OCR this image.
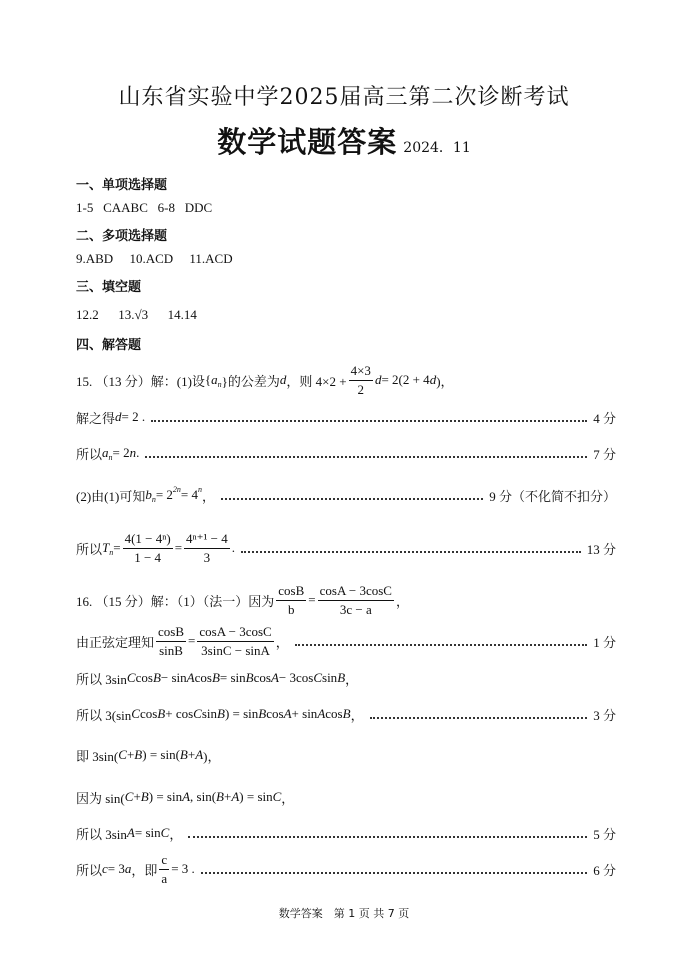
山东省实验中学2025届高三第二次诊断考试
数学试题答案 2024．11
一、单项选择题
1-5   CAABC   6-8   DDC
二、多项选择题
9.ABD     10.ACD     11.ACD
三、填空题
12.2      13.√3      14.14
四、解答题
15. （13 分）解：(1)设 { a n }的公差为 d ，则 $4\times 2 + \frac{4\times 3}{2}$ d = 2(2 + 4 d )，
解之得 d = 2 .	4 分
所以 a n = 2 n .	7 分
(2)由(1)可知 b n = 2 2n = 4 n ，	9 分（不化简不扣分）
所以 T $n = \frac{\text{4(1 − 4ⁿ)}}{1 - 4} = \frac{\text{4ⁿ⁺¹ − 4}}{3}$ .	13 分
16. （15 分）解：（1）（法一）因为 $\frac{\cos B}{b} = \frac{\cos A - 3\cos C}{3c - a}$ ，
由正弦定理知 $\frac{\cos B}{\sin B} = \frac{\cos A - 3\cos C}{3\sin C - \sin A}$ ，	1 分
所以 3sin C cos B − sin A cos B = sin B cos A − 3cos C sin B ，
所以 3(sin C cos B + cos C sin B ) = sin B cos A + sin A cos B ，	3 分
即 3sin( C + B ) = sin( B + A )，
因为 sin( C + B ) = sin A , sin( B + A ) = sin C ，
所以 3sin A = sin C ，	5 分
所以 c = 3 a ，即 $\frac{c}{a} = 3$ .	6 分
数学答案　第 1 页 共 7 页
